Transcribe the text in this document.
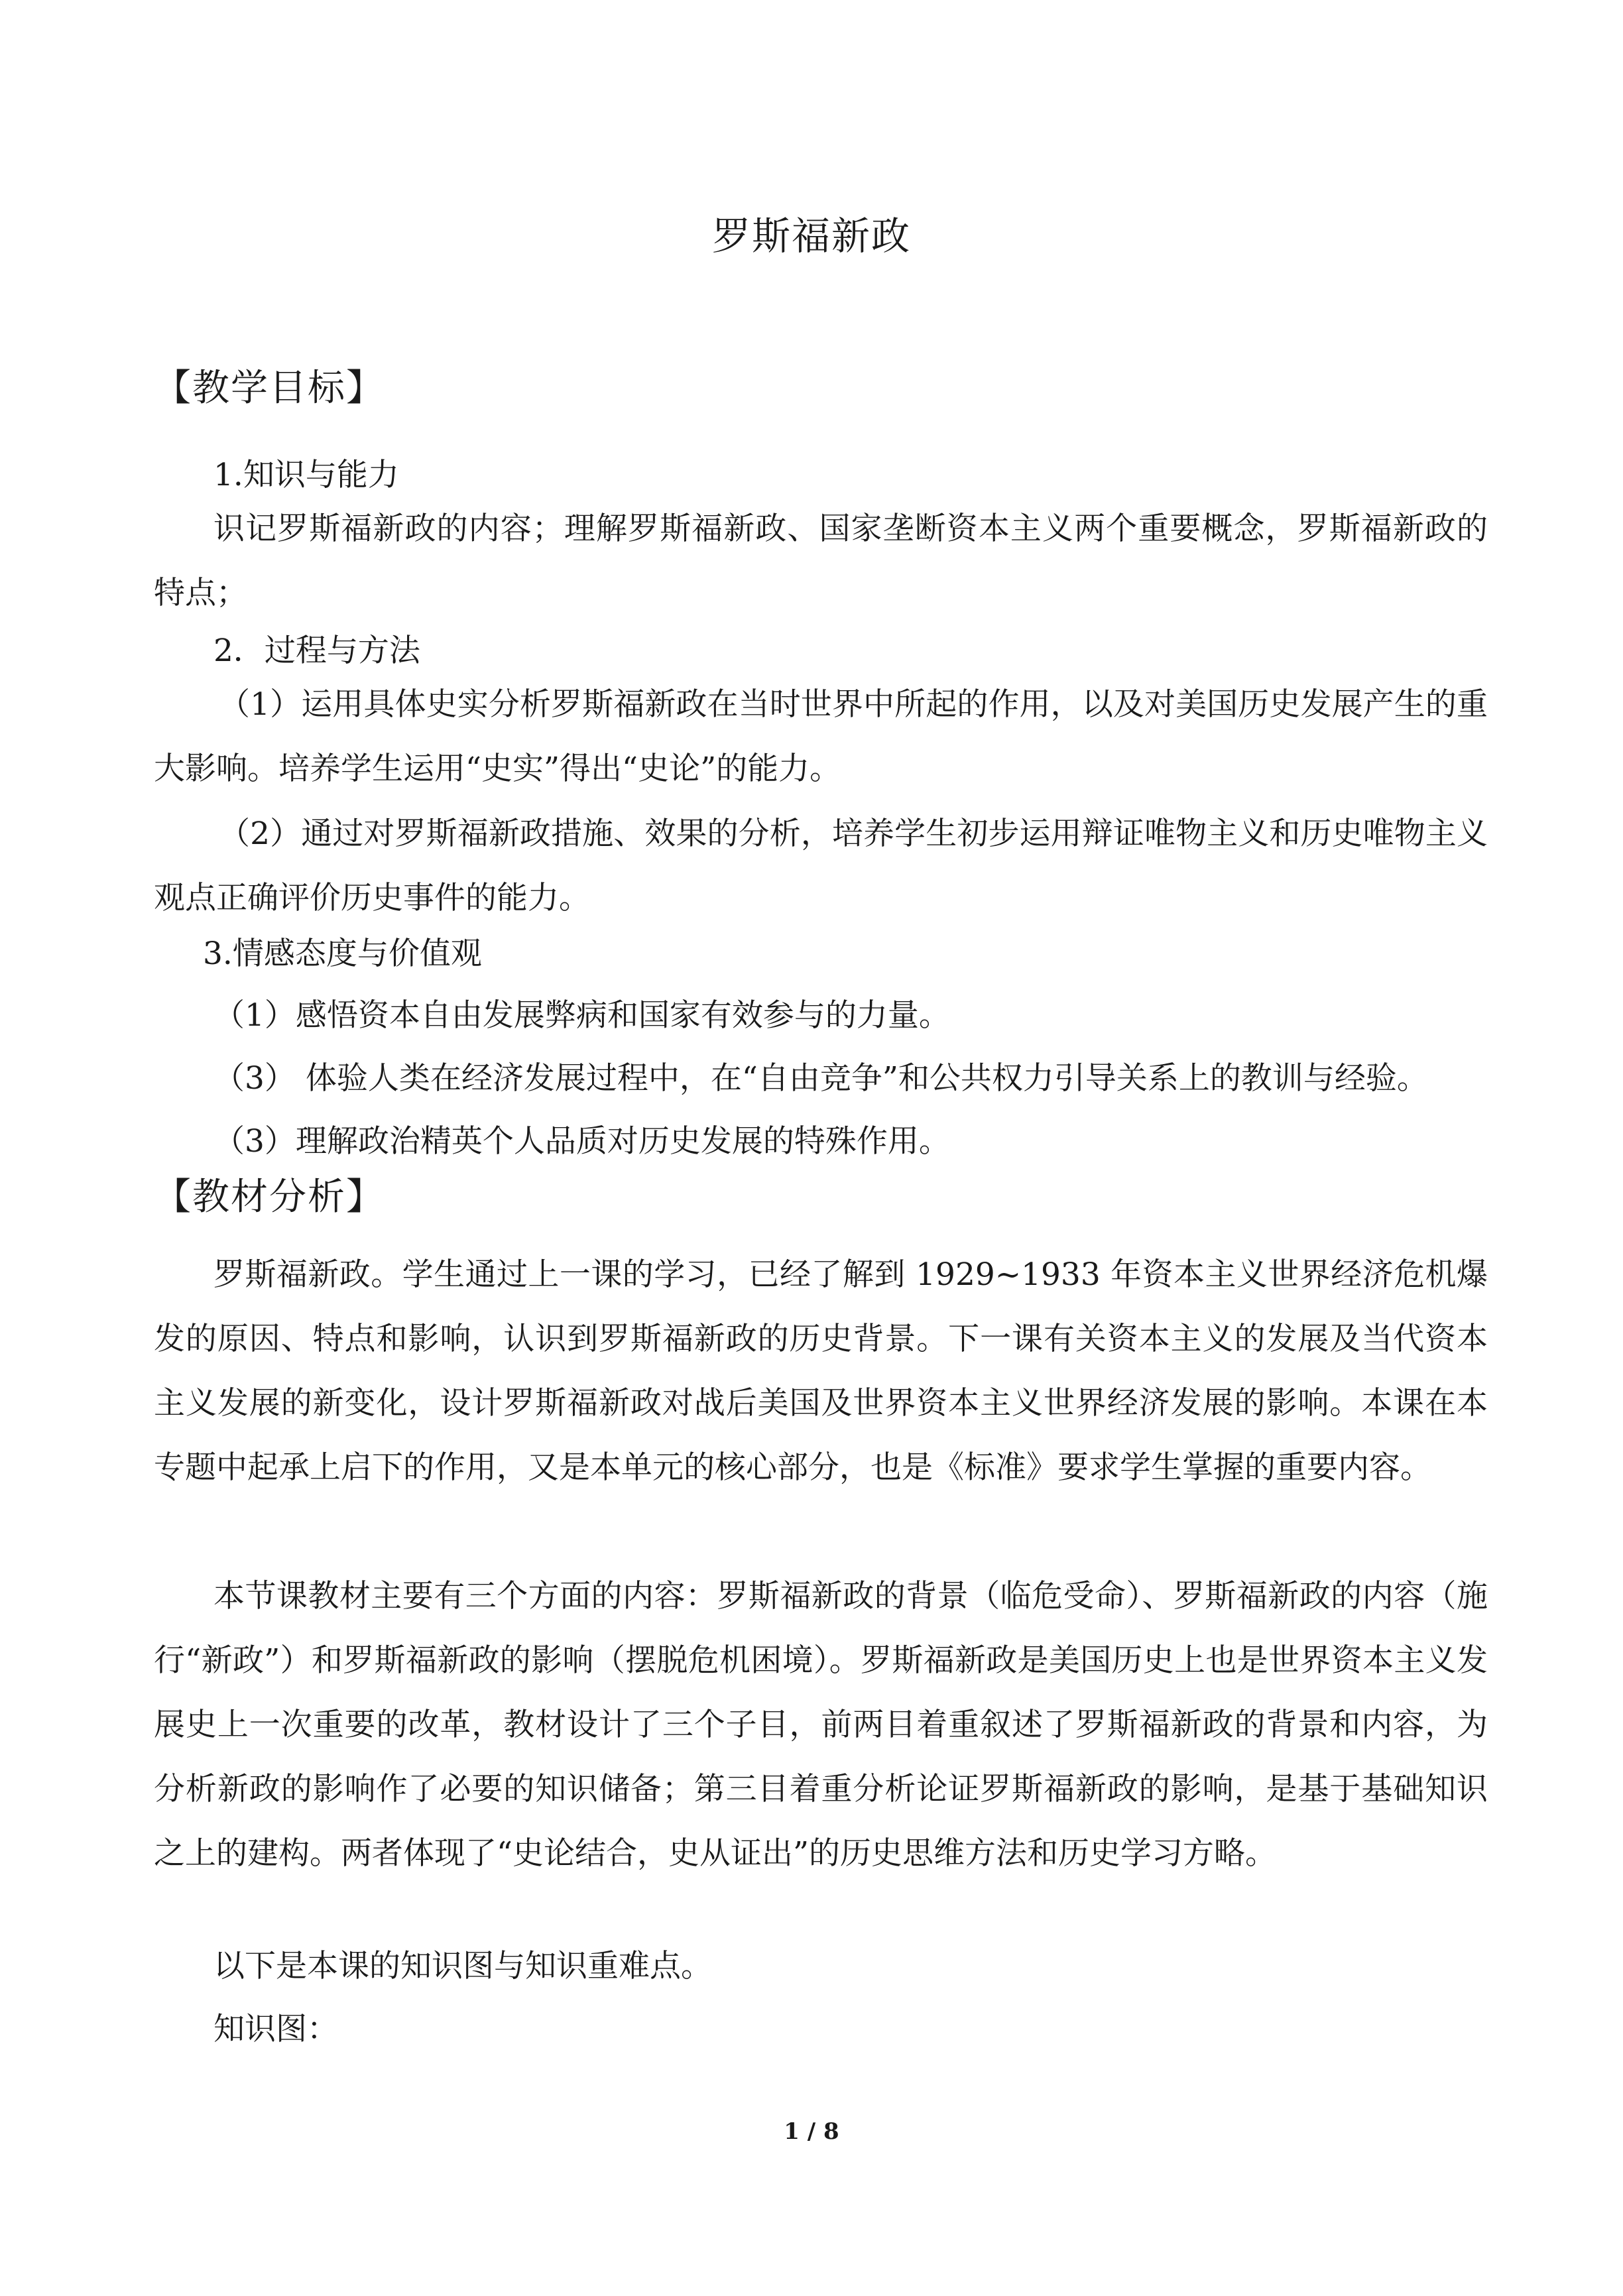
罗斯福新政
【教学目标】
1.知识与能力
识记罗斯福新政的内容；理解罗斯福新政、国家垄断资本主义两个重要概念，罗斯福新政的特点；
2．过程与方法
（1）运用具体史实分析罗斯福新政在当时世界中所起的作用，以及对美国历史发展产生的重大影响。培养学生运用“史实”得出“史论”的能力。
（2）通过对罗斯福新政措施、效果的分析，培养学生初步运用辩证唯物主义和历史唯物主义观点正确评价历史事件的能力。
3.情感态度与价值观
（1）感悟资本自由发展弊病和国家有效参与的力量。
（3） 体验人类在经济发展过程中，在“自由竞争”和公共权力引导关系上的教训与经验。
（3）理解政治精英个人品质对历史发展的特殊作用。
【教材分析】
罗斯福新政。学生通过上一课的学习，已经了解到 1929~1933 年资本主义世界经济危机爆发的原因、特点和影响，认识到罗斯福新政的历史背景。下一课有关资本主义的发展及当代资本主义发展的新变化，设计罗斯福新政对战后美国及世界资本主义世界经济发展的影响。本课在本专题中起承上启下的作用，又是本单元的核心部分，也是《标准》要求学生掌握的重要内容。
本节课教材主要有三个方面的内容：罗斯福新政的背景（临危受命）、罗斯福新政的内容（施行“新政”）和罗斯福新政的影响（摆脱危机困境）。罗斯福新政是美国历史上也是世界资本主义发展史上一次重要的改革，教材设计了三个子目，前两目着重叙述了罗斯福新政的背景和内容，为分析新政的影响作了必要的知识储备；第三目着重分析论证罗斯福新政的影响，是基于基础知识之上的建构。两者体现了“史论结合，史从证出”的历史思维方法和历史学习方略。
以下是本课的知识图与知识重难点。
知识图：
1 / 8
